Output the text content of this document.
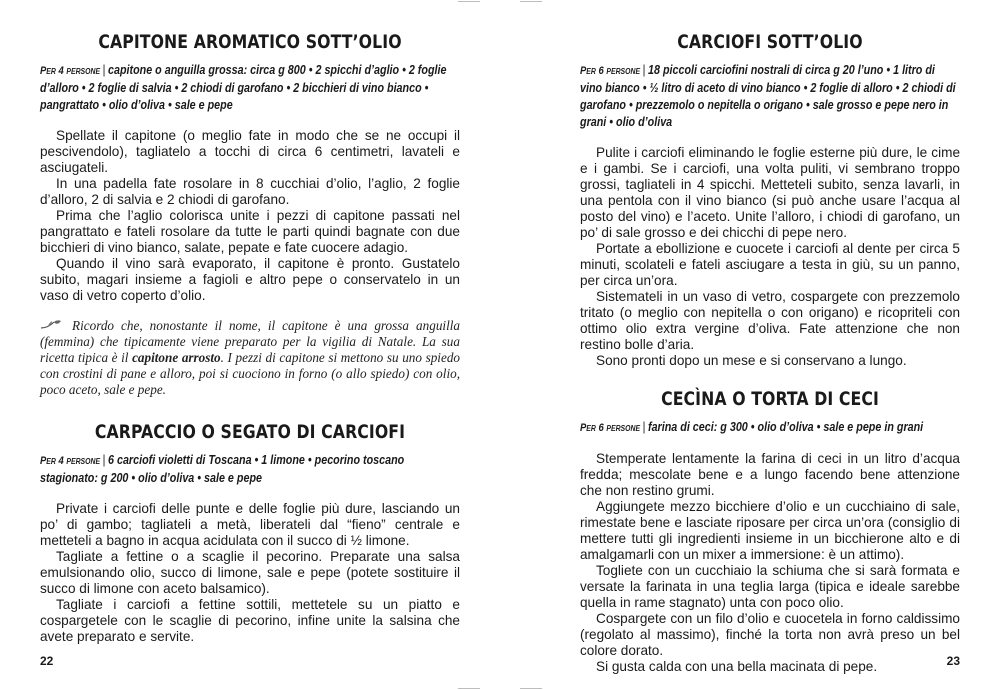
CAPITONE AROMATICO SOTT’OLIO

Per 4 persone | capitone o anguilla grossa: circa g 800 • 2 spicchi d’aglio • 2 foglie d’alloro • 2 foglie di salvia • 2 chiodi di garofano • 2 bicchieri di vino bianco • pangrattato • olio d’oliva • sale e pepe

Spellate il capitone (o meglio fate in modo che se ne occupi il pescivendolo), tagliatelo a tocchi di circa 6 centimetri, lavateli e asciugateli.

In una padella fate rosolare in 8 cucchiai d’olio, l’aglio, 2 foglie d’alloro, 2 di salvia e 2 chiodi di garofano.

Prima che l’aglio colorisca unite i pezzi di capitone passati nel pangrattato e fateli rosolare da tutte le parti quindi bagnate con due bicchieri di vino bianco, salate, pepate e fate cuocere adagio.

Quando il vino sarà evaporato, il capitone è pronto. Gustatelo subito, magari insieme a fagioli e altro pepe o conservatelo in un vaso di vetro coperto d’olio.

Ricordo che, nonostante il nome, il capitone è una grossa anguilla (femmina) che tipicamente viene preparato per la vigilia di Natale. La sua ricetta tipica è il capitone arrosto. I pezzi di capitone si mettono su uno spiedo con crostini di pane e alloro, poi si cuociono in forno (o allo spiedo) con olio, poco aceto, sale e pepe.

CARPACCIO O SEGATO DI CARCIOFI

Per 4 persone | 6 carciofi violetti di Toscana • 1 limone • pecorino toscano stagionato: g 200 • olio d’oliva • sale e pepe

Private i carciofi delle punte e delle foglie più dure, lasciando un po’ di gambo; tagliateli a metà, liberateli dal “fieno” centrale e metteteli a bagno in acqua acidulata con il succo di ½ limone.

Tagliate a fettine o a scaglie il pecorino. Preparate una salsa emulsionando olio, succo di limone, sale e pepe (potete sostituire il succo di limone con aceto balsamico).

Tagliate i carciofi a fettine sottili, mettetele su un piatto e cospargetele con le scaglie di pecorino, infine unite la salsina che avete preparato e servite.

22
CARCIOFI SOTT’OLIO

Per 6 persone | 18 piccoli carciofini nostrali di circa g 20 l’uno • 1 litro di vino bianco • ½ litro di aceto di vino bianco • 2 foglie di alloro • 2 chiodi di garofano • prezzemolo o nepitella o origano • sale grosso e pepe nero in grani • olio d’oliva

Pulite i carciofi eliminando le foglie esterne più dure, le cime e i gambi. Se i carciofi, una volta puliti, vi sembrano troppo grossi, tagliateli in 4 spicchi. Metteteli subito, senza lavarli, in una pentola con il vino bianco (si può anche usare l’acqua al posto del vino) e l’aceto. Unite l’alloro, i chiodi di garofano, un po’ di sale grosso e dei chicchi di pepe nero.

Portate a ebollizione e cuocete i carciofi al dente per circa 5 minuti, scolateli e fateli asciugare a testa in giù, su un panno, per circa un’ora.

Sistemateli in un vaso di vetro, cospargete con prezzemolo tritato (o meglio con nepitella o con origano) e ricopriteli con ottimo olio extra vergine d’oliva. Fate attenzione che non restino bolle d’aria.

Sono pronti dopo un mese e si conservano a lungo.

CECÌNA O TORTA DI CECI

Per 6 persone | farina di ceci: g 300 • olio d’oliva • sale e pepe in grani

Stemperate lentamente la farina di ceci in un litro d’acqua fredda; mescolate bene e a lungo facendo bene attenzione che non restino grumi.

Aggiungete mezzo bicchiere d’olio e un cucchiaino di sale, rimestate bene e lasciate riposare per circa un’ora (consiglio di mettere tutti gli ingredienti insieme in un bicchierone alto e di amalgamarli con un mixer a immersione: è un attimo).

Togliete con un cucchiaio la schiuma che si sarà formata e versate la farinata in una teglia larga (tipica e ideale sarebbe quella in rame stagnato) unta con poco olio.

Cospargete con un filo d’olio e cuocetela in forno caldissimo (regolato al massimo), finché la torta non avrà preso un bel colore dorato.

Si gusta calda con una bella macinata di pepe.	23
